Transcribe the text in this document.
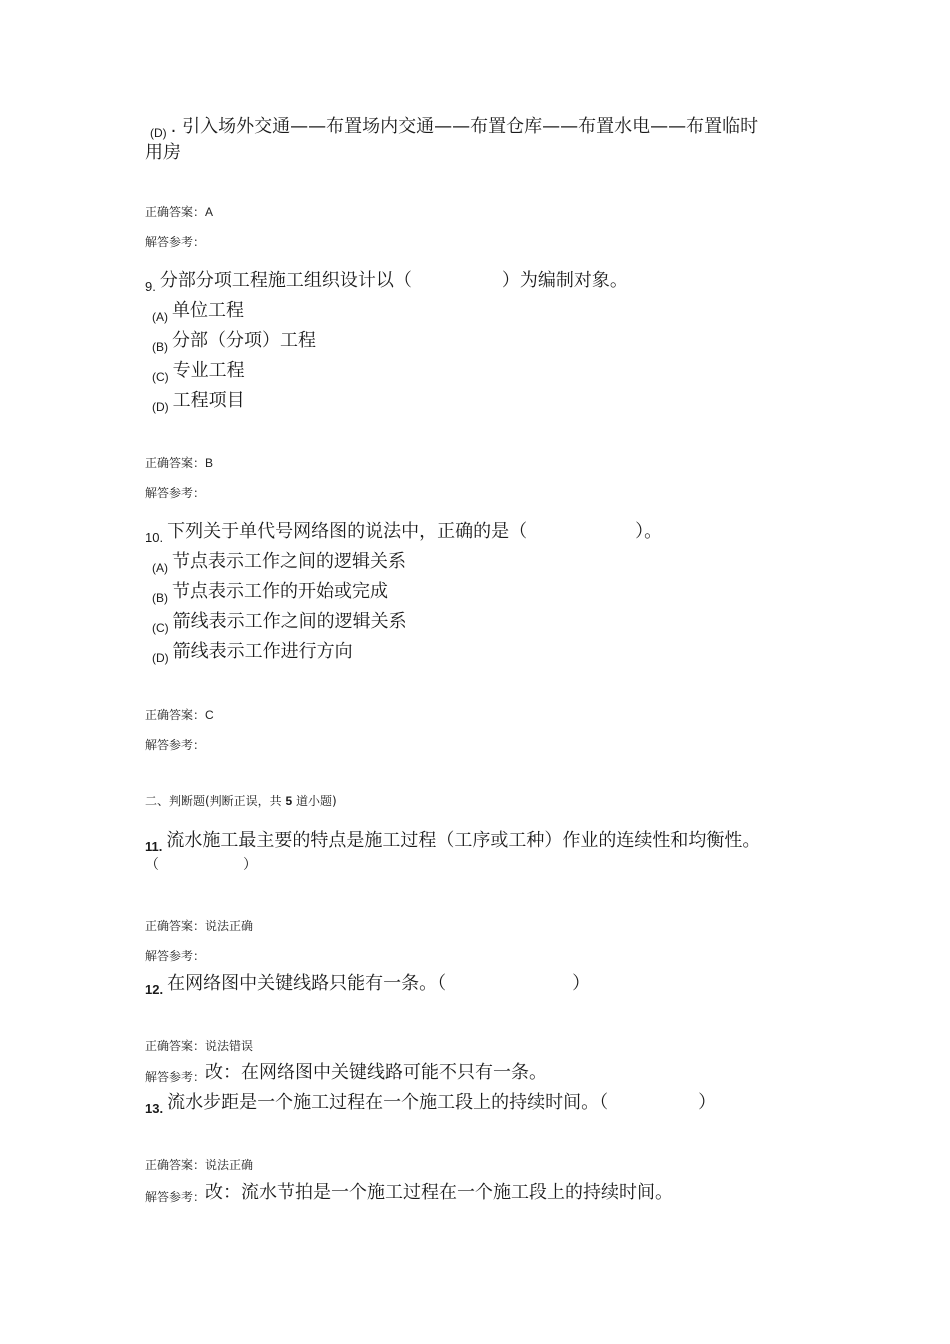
$_{(D)}$ . 引入场外交通——布置场内交通——布置仓库——布置水电——布置临时
用房
正确答案：A
解答参考：
$_{9.}$ 分部分项工程施工组织设计以（　　　　　）为编制对象。
$_{(A)}$ 单位工程
$_{(B)}$ 分部（分项）工程
$_{(C)}$ 专业工程
$_{(D)}$ 工程项目
正确答案：B
解答参考：
$_{10.}$ 下列关于单代号网络图的说法中，正确的是（　　　　　　）。
$_{(A)}$ 节点表示工作之间的逻辑关系
$_{(B)}$ 节点表示工作的开始或完成
$_{(C)}$ 箭线表示工作之间的逻辑关系
$_{(D)}$ 箭线表示工作进行方向
正确答案：C
解答参考：
二、判断题(判断正误，共 5 道小题)
$_{11.}$ 流水施工最主要的特点是施工过程（工序或工种）作业的连续性和均衡性。
（　　　　　　）
正确答案：说法正确
解答参考：
$_{12.}$ 在网络图中关键线路只能有一条。（　　　　　　　）
正确答案：说法错误
解答参考：改：在网络图中关键线路可能不只有一条。
$_{13.}$ 流水步距是一个施工过程在一个施工段上的持续时间。（　　　　　）
正确答案：说法正确
解答参考：改：流水节拍是一个施工过程在一个施工段上的持续时间。
